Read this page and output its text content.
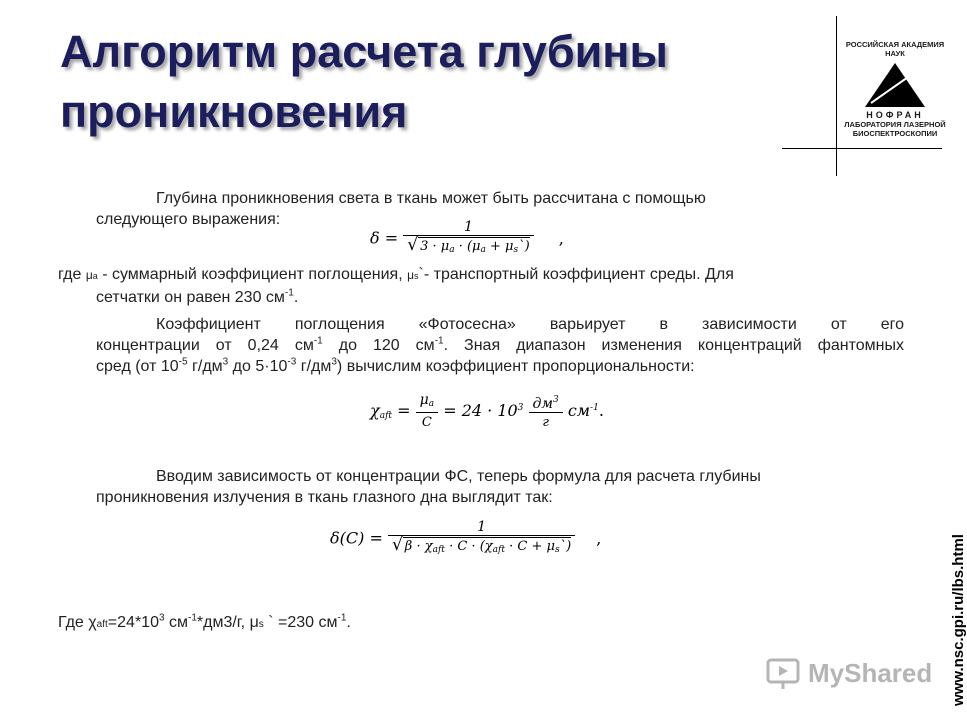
Алгоритм расчета глубины
проникновения
РОССИЙСКАЯ АКАДЕМИЯ НАУК
НОФРАН
ЛАБОРАТОРИЯ ЛАЗЕРНОЙ
БИОСПЕКТРОСКОПИИ
www.nsc.gpi.ru/lbs.html
Глубина проникновения света в ткань может быть рассчитана с помощью
следующего выражения:
$\delta = \frac{1}{√ 3 \cdot \mu a \cdot (\mu a + \mu s`)}$ ,
где μa - суммарный коэффициент поглощения, μs`- транспортный коэффициент среды. Для
сетчатки он равен 230 $см^{-1}$.
Коэффициент поглощения «Фотосесна» варьирует в зависимости от его
концентрации от 0,24 $см^{-1}$ до 120 $см^{-1}$. Зная диапазон изменения концентраций фантомных
сред (от $10^{-5}$ $г/дм^3$ до $5\cdot 10^{-3}$ $г/дм^3$) вычислим коэффициент пропорциональности:
$\chi aft = \frac{\mu a}{C} = 24 \cdot 10^3 \frac{дм^3}{г} см^{-1}$.
Вводим зависимость от концентрации ФС, теперь формула для расчета глубины
проникновения излучения в ткань глазного дна выглядит так:
δ(C) =
1
√ β · χaft · C · (χaft · C + μs`) ,
Где $\chi aft=24*10^3$ $см^{-1}*дм3/г$, μs ` =230 $см^{-1}$.
MyShared
